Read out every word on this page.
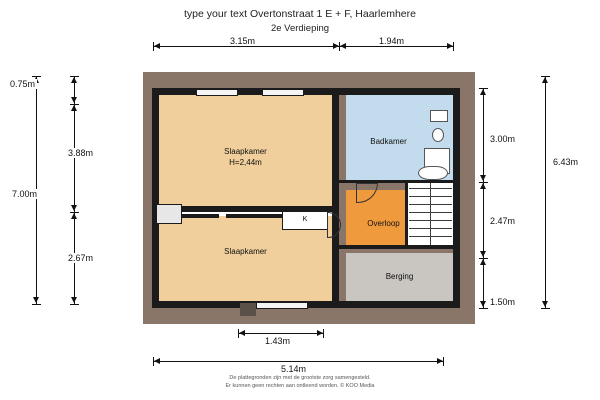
type your text Overtonstraat 1 E + F, Haarlemhere
2e Verdieping
3.15m	1.94m
Slaapkamer
H=2,44m
Slaapkamer
Badkamer
Overloop
Berging
K
7.00m
0.75m
3.88m
2.67m
3.00m
2.47m
1.50m
6.43m
1.43m
5.14m
De plattegronden zijn met de grootste zorg samengesteld.
Er kunnen geen rechten aan ontleend worden. © KOO Media
